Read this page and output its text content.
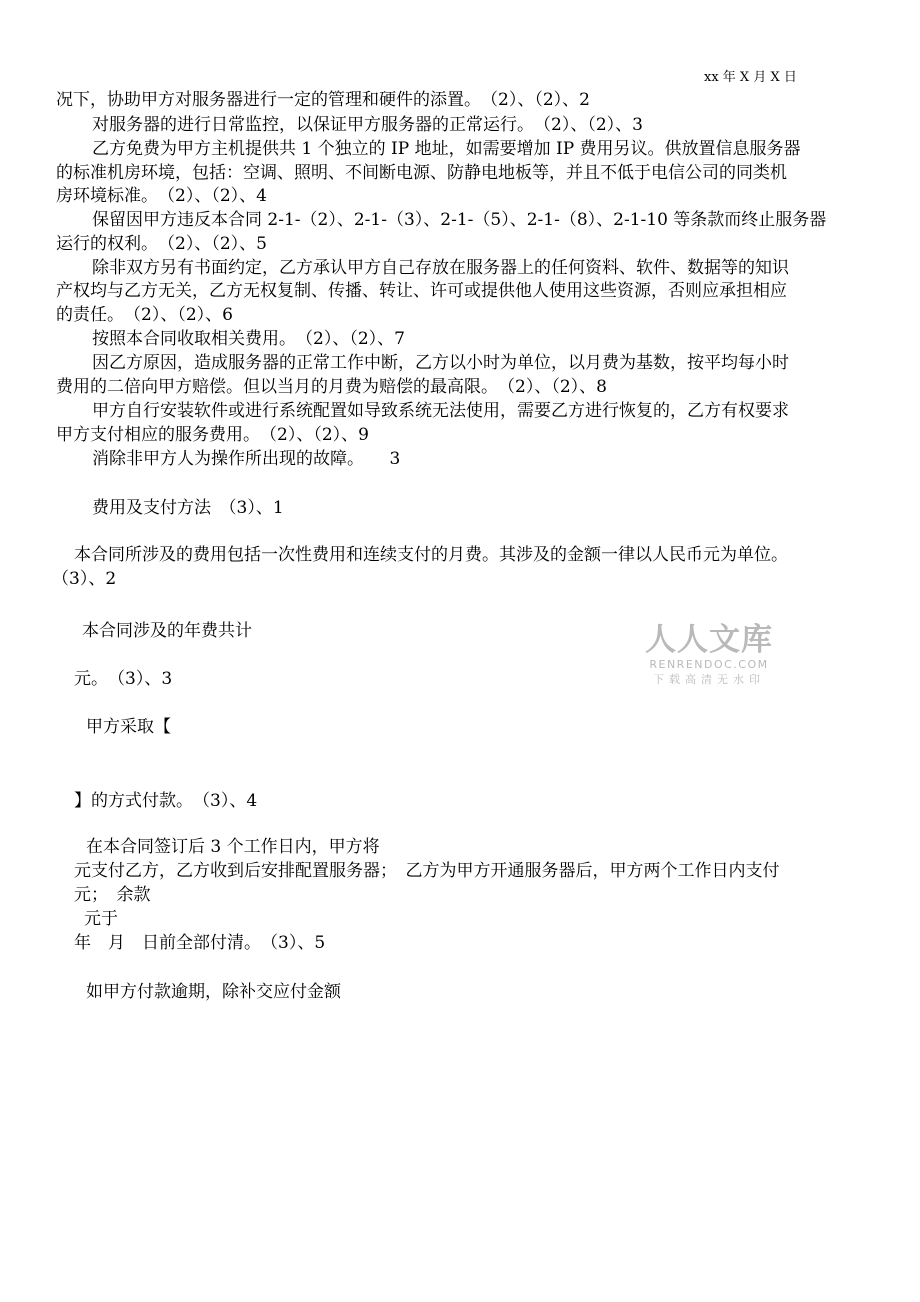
xx 年 X 月 X 日
况下，协助甲方对服务器进行一定的管理和硬件的添置。　（2）、（2）、2
对服务器的进行日常监控，以保证甲方服务器的正常运行。　（2）、（2）、3
乙方免费为甲方主机提供共 1 个独立的 IP 地址，如需要增加 IP 费用另议。供放置信息服务器
的标准机房环境，包括：空调、照明、不间断电源、防静电地板等，并且不低于电信公司的同类机
房环境标准。　（2）、（2）、4
保留因甲方违反本合同 2-1-（2）、2-1-（3）、2-1-（5）、2-1-（8）、2-1-10 等条款而终止服务器
运行的权利。　（2）、（2）、5
除非双方另有书面约定，乙方承认甲方自己存放在服务器上的任何资料、软件、数据等的知识
产权均与乙方无关，乙方无权复制、传播、转让、许可或提供他人使用这些资源，否则应承担相应
的责任。　（2）、（2）、6
按照本合同收取相关费用。　（2）、（2）、7
因乙方原因，造成服务器的正常工作中断，乙方以小时为单位，以月费为基数，按平均每小时
费用的二倍向甲方赔偿。但以当月的月费为赔偿的最高限。　（2）、（2）、8
甲方自行安装软件或进行系统配置如导致系统无法使用，需要乙方进行恢复的，乙方有权要求
甲方支付相应的服务费用。　（2）、（2）、9
消除非甲方人为操作所出现的故障。　　3
费用及支付方法　（3）、1
本合同所涉及的费用包括一次性费用和连续支付的月费。其涉及的金额一律以人民币元为单位。
（3）、2
本合同涉及的年费共计
元。　（3）、3
甲方采取【
】的方式付款。　（3）、4
在本合同签订后 3 个工作日内，甲方将
元支付乙方，乙方收到后安排配置服务器；　乙方为甲方开通服务器后，甲方两个工作日内支付
元；　余款
元于
年　月　日前全部付清。　（3）、5
如甲方付款逾期，除补交应付金额
人人文库
RENRENDOC.COM
下载高清无水印
